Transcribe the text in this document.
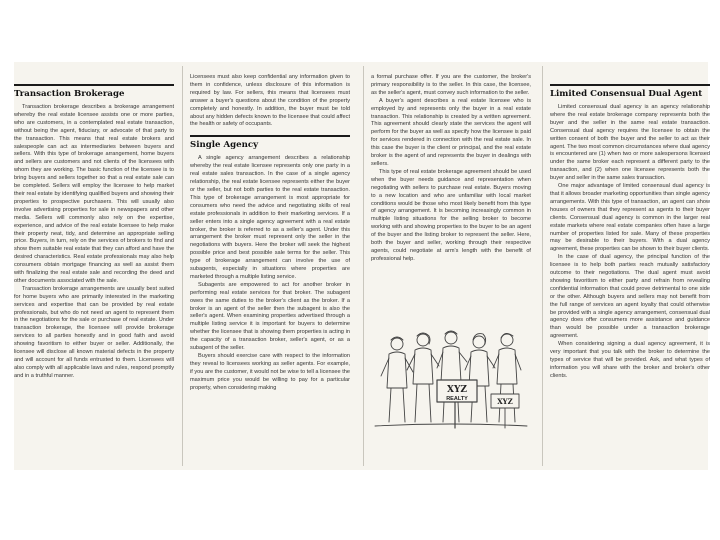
Transaction Brokerage

Transaction brokerage describes a brokerage arrangement whereby the real estate licensee assists one or more parties, who are customers, in a contemplated real estate transaction, without being the agent, fiduciary, or advocate of that party to the transaction. This means that real estate brokers and salespeople can act as intermediaries between buyers and sellers. With this type of brokerage arrangement, home buyers and sellers are customers and not clients of the licensees with whom they are working. The basic function of the licensee is to bring buyers and sellers together so that a real estate sale can be completed. Sellers will employ the licensee to help market their real estate by identifying qualified buyers and showing their properties to prospective purchasers. This will usually also involve advertising properties for sale in newspapers and other media. Sellers will commonly also rely on the expertise, experience, and advice of the real estate licensee to help make their property neat, tidy, and determine an appropriate selling price. Buyers, in turn, rely on the services of brokers to find and show them suitable real estate that they can afford and have the desired characteristics. Real estate professionals may also help consumers obtain mortgage financing as well as assist them with finalizing the real estate sale and recording the deed and other documents associated with the sale.

Transaction brokerage arrangements are usually best suited for home buyers who are primarily interested in the marketing services and expertise that can be provided by real estate professionals, but who do not need an agent to represent them in the negotiations for the sale or purchase of real estate. Under transaction brokerage, the licensee will provide brokerage services to all parties honestly and in good faith and avoid showing favoritism to either buyer or seller. Additionally, the licensee will disclose all known material defects in the property and will account for all funds entrusted to them. Licensees will also comply with all applicable laws and rules, respond promptly and in a truthful manner.

Licensees must also keep confidential any information given to them in confidence, unless disclosure of this information is required by law. For sellers, this means that licensees must answer a buyer's questions about the condition of the property completely and honestly. In addition, the buyer must be told about any hidden defects known to the licensee that could affect the health or safety of occupants.

Single Agency

A single agency arrangement describes a relationship whereby the real estate licensee represents only one party in a real estate sales transaction. In the case of a single agency relationship, the real estate licensee represents either the buyer or the seller, but not both parties to the real estate transaction. This type of brokerage arrangement is most appropriate for consumers who need the advice and negotiating skills of real estate professionals in addition to their marketing services. If a seller enters into a single agency agreement with a real estate broker, the broker is referred to as a seller's agent. Under this arrangement the broker must represent only the seller in the negotiations with buyers. Here the broker will seek the highest possible price and best possible sale terms for the seller. This type of brokerage arrangement can involve the use of subagents, especially in situations where properties are marketed through a multiple listing service.

Subagents are empowered to act for another broker in performing real estate services for that broker. The subagent owes the same duties to the broker's client as the broker. If a broker is an agent of the seller then the subagent is also the seller's agent. When examining properties advertised through a multiple listing service it is important for buyers to determine whether the licensee that is showing them properties is acting in the capacity of a transaction broker, seller's agent, or as a subagent of the seller.

Buyers should exercise care with respect to the information they reveal to licensees working as seller agents. For example, if you are the customer, it would not be wise to tell a licensee the maximum price you would be willing to pay for a particular property, when considering making

a formal purchase offer. If you are the customer, the broker's primary responsibility is to the seller. In this case, the licensee, as the seller's agent, must convey such information to the seller.

A buyer's agent describes a real estate licensee who is employed by and represents only the buyer in a real estate transaction. This relationship is created by a written agreement. This agreement should clearly state the services the agent will perform for the buyer as well as specify how the licensee is paid for services rendered in connection with the real estate sale. In this case the buyer is the client or principal, and the real estate broker is the agent of and represents the buyer in dealings with sellers.

This type of real estate brokerage agreement should be used when the buyer needs guidance and representation when negotiating with sellers to purchase real estate. Buyers moving to a new location and who are unfamiliar with local market conditions would be those who most likely benefit from this type of agency arrangement. It is becoming increasingly common in multiple listing situations for the selling broker to become working with and showing properties to the buyer to be an agent of the buyer and the listing broker to represent the seller. Here, both the buyer and seller, working through their respective agents, could negotiate at arm's length with the benefit of professional help.

XYZ
REALTY	XYZ
Limited Consensual Dual Agent

Limited consensual dual agency is an agency relationship where the real estate brokerage company represents both the buyer and the seller in the same real estate transaction. Consensual dual agency requires the licensee to obtain the written consent of both the buyer and the seller to act as their agent. The two most common circumstances where dual agency is encountered are (1) when two or more salespersons licensed under the same broker each represent a different party to the transaction, and (2) when one licensee represents both the buyer and seller in the same sales transaction.

One major advantage of limited consensual dual agency is that it allows broader marketing opportunities than single agency arrangements. With this type of transaction, an agent can show houses of owners that they represent as agents to their buyer clients. Consensual dual agency is common in the larger real estate markets where real estate companies often have a large number of properties listed for sale. Many of these properties may be desirable to their buyers. With a dual agency agreement, these properties can be shown to their buyer clients.

In the case of dual agency, the principal function of the licensee is to help both parties reach mutually satisfactory outcome to their negotiations. The dual agent must avoid showing favoritism to either party and refrain from revealing confidential information that could prove detrimental to one side or the other. Although buyers and sellers may not benefit from the full range of services an agent loyalty that could otherwise be provided with a single agency arrangement, consensual dual agency does offer consumers more assistance and guidance than would be possible under a transaction brokerage agreement.

When considering signing a dual agency agreement, it is very important that you talk with the broker to determine the types of service that will be provided. Ask, and what types of information you will share with the broker and broker's other clients.
